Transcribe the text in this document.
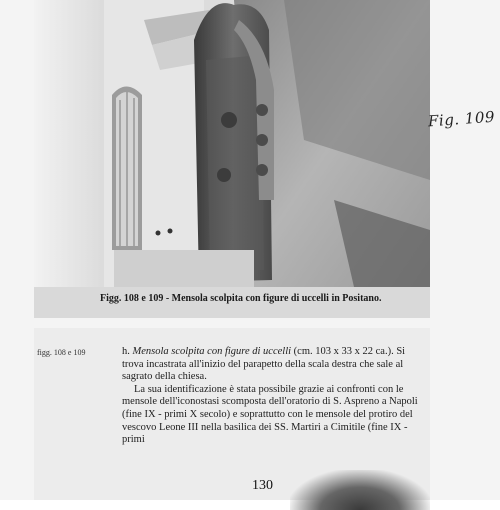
Figg. 108 e 109 - Mensola scolpita con figure di uccelli in Positano.
Fig. 109
figg. 108 e 109	h. Mensola scolpita con figure di uccelli (cm. 103 x 33 x 22 ca.). Si trova incastrata all'inizio del parapetto della scala destra che sale al sagrato della chiesa.

La sua identificazione è stata possibile grazie ai confronti con le mensole dell'iconostasi scomposta dell'oratorio di S. Aspreno a Napoli (fine IX - primi X secolo) e soprattutto con le mensole del protiro del vescovo Leone III nella basilica dei SS. Martiri a Cimitile (fine IX - primi

130
